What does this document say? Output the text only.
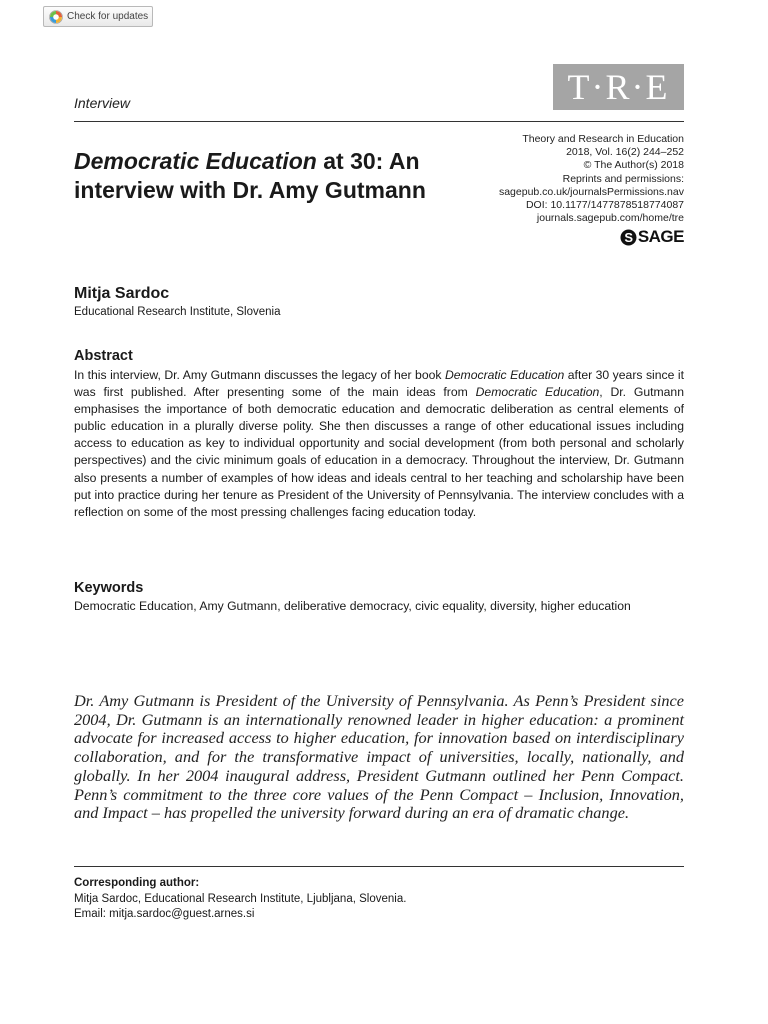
Check for updates
T·R·E
Interview
Democratic Education at 30: An interview with Dr. Amy Gutmann
Theory and Research in Education
2018, Vol. 16(2) 244–252
© The Author(s) 2018
Reprints and permissions:
sagepub.co.uk/journalsPermissions.nav
DOI: 10.1177/1477878518774087
journals.sagepub.com/home/tre
S SAGE
Mitja Sardoc
Educational Research Institute, Slovenia
Abstract

In this interview, Dr. Amy Gutmann discusses the legacy of her book Democratic Education after 30 years since it was first published. After presenting some of the main ideas from Democratic Education, Dr. Gutmann emphasises the importance of both democratic education and democratic deliberation as central elements of public education in a plurally diverse polity. She then discusses a range of other educational issues including access to education as key to individual opportunity and social development (from both personal and scholarly perspectives) and the civic minimum goals of education in a democracy. Throughout the interview, Dr. Gutmann also presents a number of examples of how ideas and ideals central to her teaching and scholarship have been put into practice during her tenure as President of the University of Pennsylvania. The interview concludes with a reflection on some of the most pressing challenges facing education today.

Keywords

Democratic Education, Amy Gutmann, deliberative democracy, civic equality, diversity, higher education

Dr. Amy Gutmann is President of the University of Pennsylvania. As Penn’s President since 2004, Dr. Gutmann is an internationally renowned leader in higher education: a prominent advocate for increased access to higher education, for innovation based on interdisciplinary collaboration, and for the transformative impact of universities, locally, nationally, and globally. In her 2004 inaugural address, President Gutmann outlined her Penn Compact. Penn’s commitment to the three core values of the Penn Compact – Inclusion, Innovation, and Impact – has propelled the university forward during an era of dramatic change.

Corresponding author:
Mitja Sardoc, Educational Research Institute, Ljubljana, Slovenia.
Email: mitja.sardoc@guest.arnes.si
